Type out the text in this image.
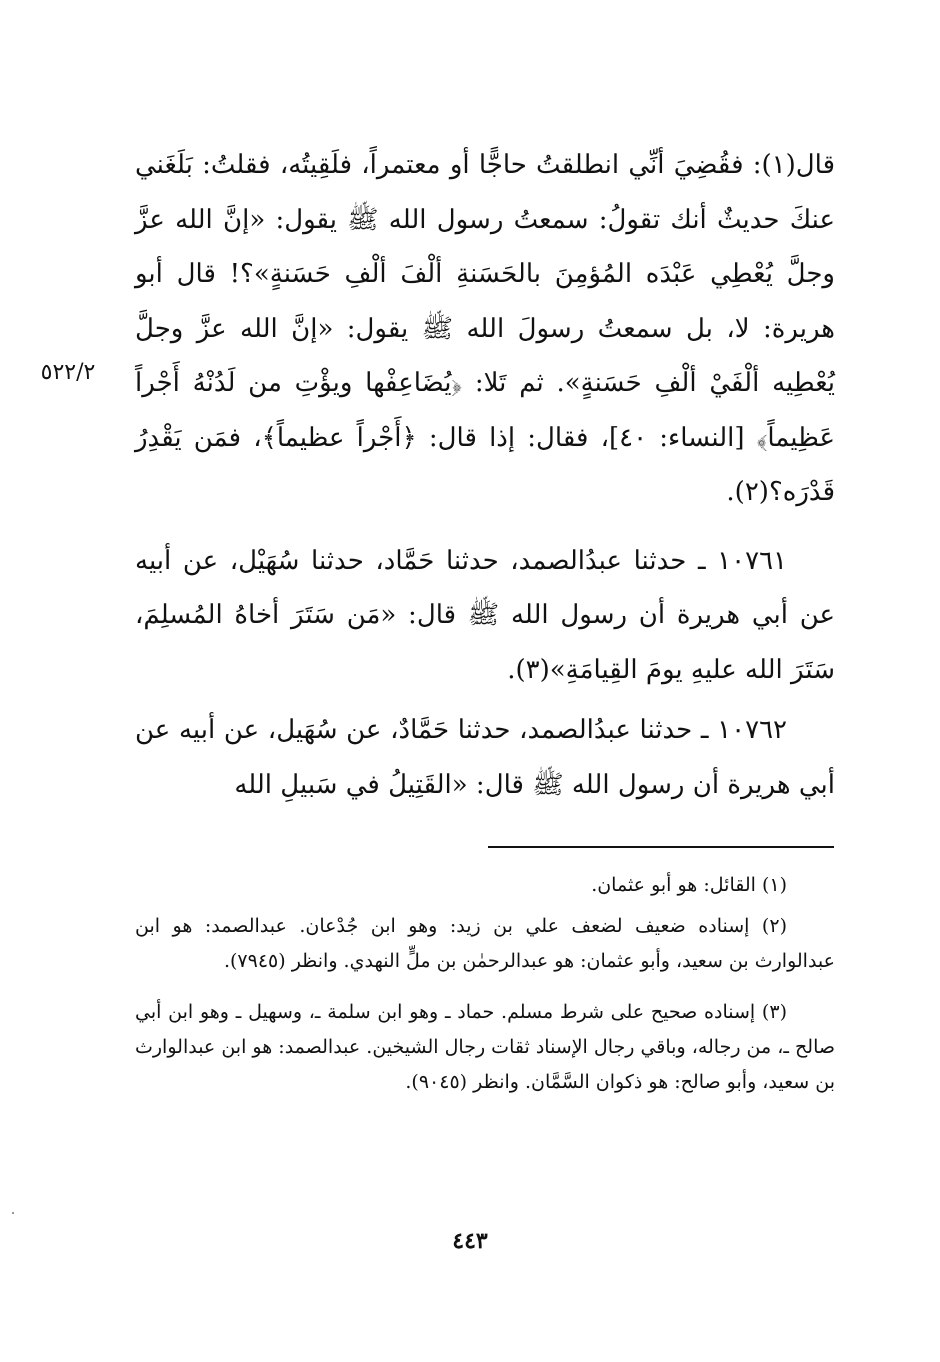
٥٢٢/٢

قال(١): فقُضِيَ أنِّي انطلقتُ حاجًّا أو معتمراً، فلَقِيتُه، فقلتُ: بَلَغَني عنكَ حديثٌ أنك تقولُ: سمعتُ رسول الله ﷺ يقول: «إنَّ الله عزَّ وجلَّ يُعْطِي عَبْدَه المُؤمِنَ بالحَسَنةِ ألْفَ ألْفِ حَسَنةٍ»؟! قال أبو هريرة: لا، بل سمعتُ رسولَ الله ﷺ يقول: «إنَّ الله عزَّ وجلَّ يُعْطِيه ألْفَيْ ألْفِ حَسَنةٍ». ثم تَلا: ﴿يُضَاعِفْها ويؤْتِ من لَدُنْهُ أَجْراً عَظِيماً﴾ [النساء: ٤٠]، فقال: إذا قال: ﴿أَجْراً عظيماً﴾، فمَن يَقْدِرُ قَدْرَه؟(٢).

١٠٧٦١ ـ حدثنا عبدُالصمد، حدثنا حَمَّاد، حدثنا سُهَيْل، عن أبيه عن أبي هريرة أن رسول الله ﷺ قال: «مَن سَتَرَ أخاهُ المُسلِمَ، سَتَرَ الله عليهِ يومَ القِيامَةِ»(٣).

١٠٧٦٢ ـ حدثنا عبدُالصمد، حدثنا حَمَّادٌ، عن سُهَيل، عن أبيه عن أبي هريرة أن رسول الله ﷺ قال: «القَتِيلُ في سَبيلِ الله

(١) القائل: هو أبو عثمان.

(٢) إسناده ضعيف لضعف علي بن زيد: وهو ابن جُدْعان. عبدالصمد: هو ابن عبدالوارث بن سعيد، وأبو عثمان: هو عبدالرحمٰن بن ملٍّ النهدي. وانظر (٧٩٤٥).

(٣) إسناده صحيح على شرط مسلم. حماد ـ وهو ابن سلمة ـ، وسهيل ـ وهو ابن أبي صالح ـ، من رجاله، وباقي رجال الإسناد ثقات رجال الشيخين. عبدالصمد: هو ابن عبدالوارث بن سعيد، وأبو صالح: هو ذكوان السَّمَّان. وانظر (٩٠٤٥).

٤٤٣
